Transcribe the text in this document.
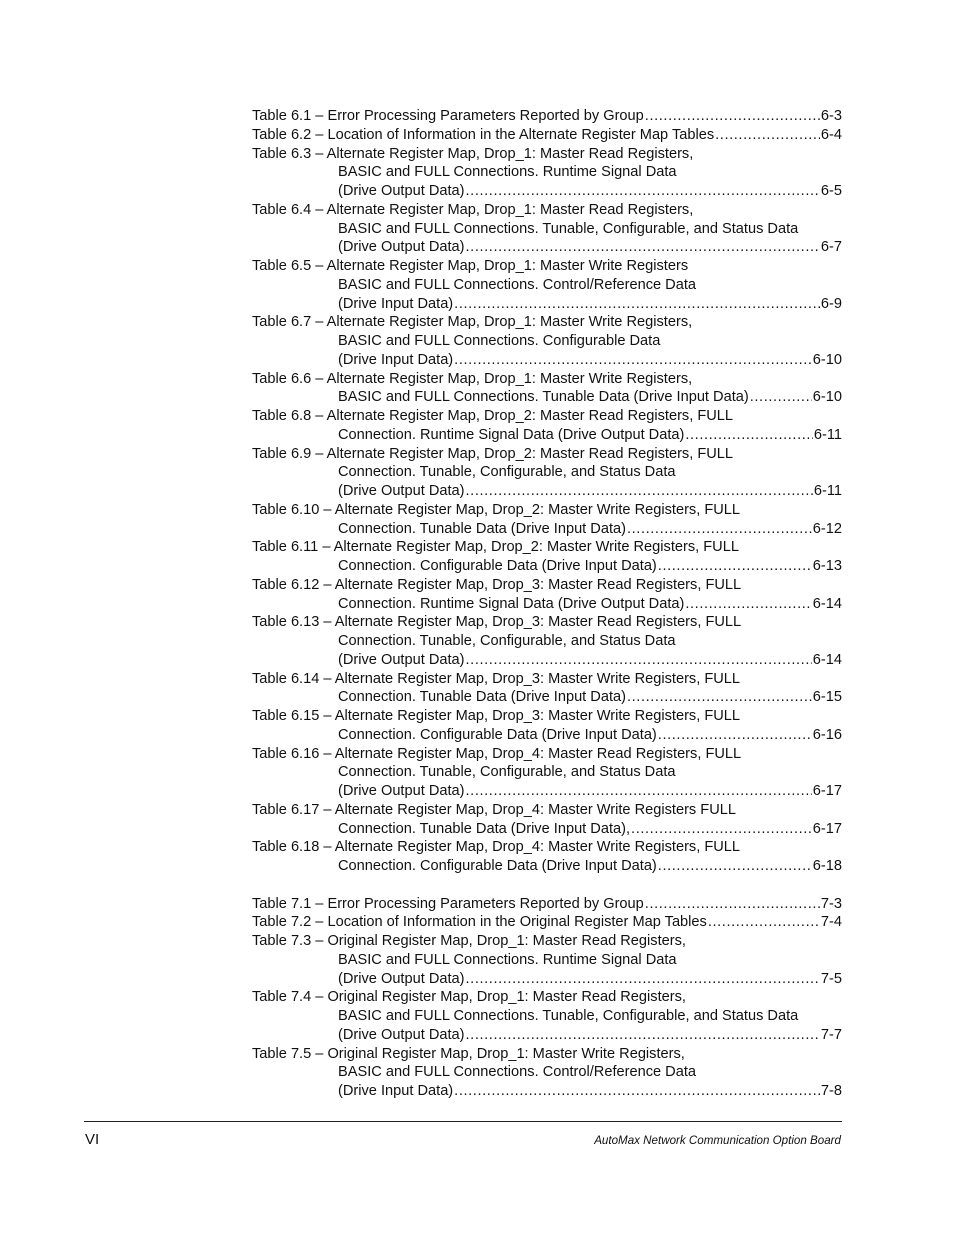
Table 6.1 – Error Processing Parameters Reported by Group .....	6-3
Table 6.2 – Location of Information in the Alternate Register Map Tables .....	6-4
Table 6.3 – Alternate Register Map, Drop_1: Master Read Registers,
BASIC and FULL Connections. Runtime Signal Data
(Drive Output Data) .....	6-5
Table 6.4 – Alternate Register Map, Drop_1: Master Read Registers,
BASIC and FULL Connections. Tunable, Configurable, and Status Data
(Drive Output Data) .....	6-7
Table 6.5 – Alternate Register Map, Drop_1: Master Write Registers
BASIC and FULL Connections. Control/Reference Data
(Drive Input Data) .....	6-9
Table 6.7 – Alternate Register Map, Drop_1: Master Write Registers,
BASIC and FULL Connections. Configurable Data
(Drive Input Data) .....	6-10
Table 6.6 – Alternate Register Map, Drop_1: Master Write Registers,
BASIC and FULL Connections. Tunable Data (Drive Input Data) .....	6-10
Table 6.8 – Alternate Register Map, Drop_2: Master Read Registers, FULL
Connection. Runtime Signal Data (Drive Output Data) .....	6-11
Table 6.9 – Alternate Register Map, Drop_2: Master Read Registers, FULL
Connection. Tunable, Configurable, and Status Data
(Drive Output Data) .....	6-11
Table 6.10 – Alternate Register Map, Drop_2: Master Write Registers, FULL
Connection. Tunable Data (Drive Input Data) .....	6-12
Table 6.11 – Alternate Register Map, Drop_2: Master Write Registers, FULL
Connection. Configurable Data (Drive Input Data) .....	6-13
Table 6.12 – Alternate Register Map, Drop_3: Master Read Registers, FULL
Connection. Runtime Signal Data (Drive Output Data) .....	6-14
Table 6.13 – Alternate Register Map, Drop_3: Master Read Registers, FULL
Connection. Tunable, Configurable, and Status Data
(Drive Output Data) .....	6-14
Table 6.14 – Alternate Register Map, Drop_3: Master Write Registers, FULL
Connection. Tunable Data (Drive Input Data) .....	6-15
Table 6.15 – Alternate Register Map, Drop_3: Master Write Registers, FULL
Connection. Configurable Data (Drive Input Data) .....	6-16
Table 6.16 – Alternate Register Map, Drop_4: Master Read Registers, FULL
Connection. Tunable, Configurable, and Status Data
(Drive Output Data) .....	6-17
Table 6.17 – Alternate Register Map, Drop_4: Master Write Registers FULL
Connection. Tunable Data (Drive Input Data), .....	6-17
Table 6.18 – Alternate Register Map, Drop_4: Master Write Registers, FULL
Connection. Configurable Data (Drive Input Data) .....	6-18
Table 7.1 – Error Processing Parameters Reported by Group .....	7-3
Table 7.2 – Location of Information in the Original Register Map Tables .....	7-4
Table 7.3 – Original Register Map, Drop_1: Master Read Registers,
BASIC and FULL Connections. Runtime Signal Data
(Drive Output Data) .....	7-5
Table 7.4 – Original Register Map, Drop_1: Master Read Registers,
BASIC and FULL Connections. Tunable, Configurable, and Status Data
(Drive Output Data) .....	7-7
Table 7.5 – Original Register Map, Drop_1: Master Write Registers,
BASIC and FULL Connections. Control/Reference Data
(Drive Input Data) .....	7-8
VI	AutoMax Network Communication Option Board
